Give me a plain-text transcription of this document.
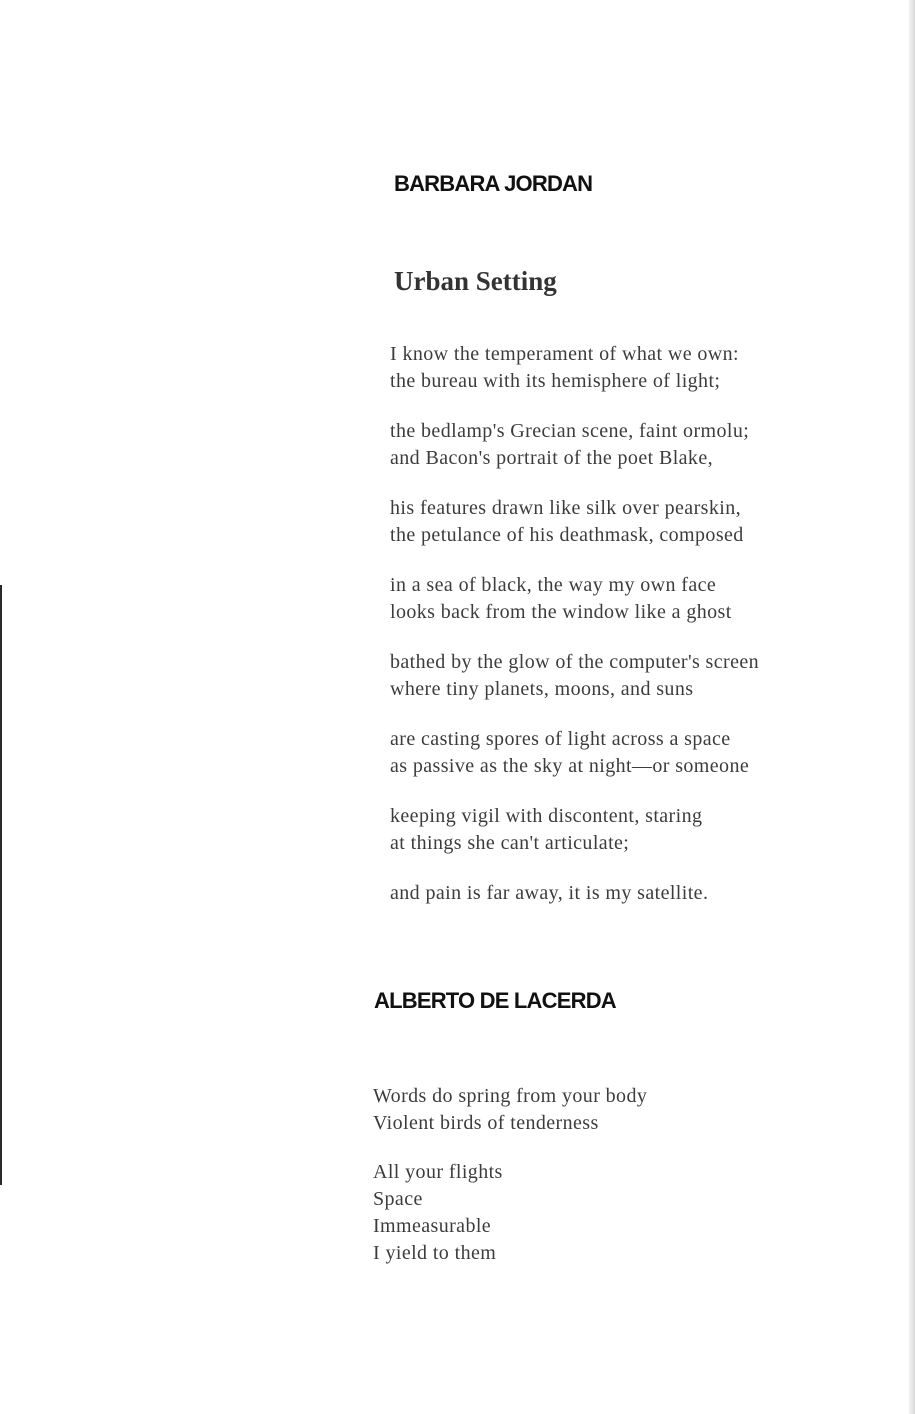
BARBARA JORDAN
Urban Setting
I know the temperament of what we own:
the bureau with its hemisphere of light;
the bedlamp's Grecian scene, faint ormolu;
and Bacon's portrait of the poet Blake,
his features drawn like silk over pearskin,
the petulance of his deathmask, composed
in a sea of black, the way my own face
looks back from the window like a ghost
bathed by the glow of the computer's screen
where tiny planets, moons, and suns
are casting spores of light across a space
as passive as the sky at night—or someone
keeping vigil with discontent, staring
at things she can't articulate;
and pain is far away, it is my satellite.
ALBERTO DE LACERDA
Words do spring from your body
Violent birds of tenderness
All your flights
Space
Immeasurable
I yield to them
